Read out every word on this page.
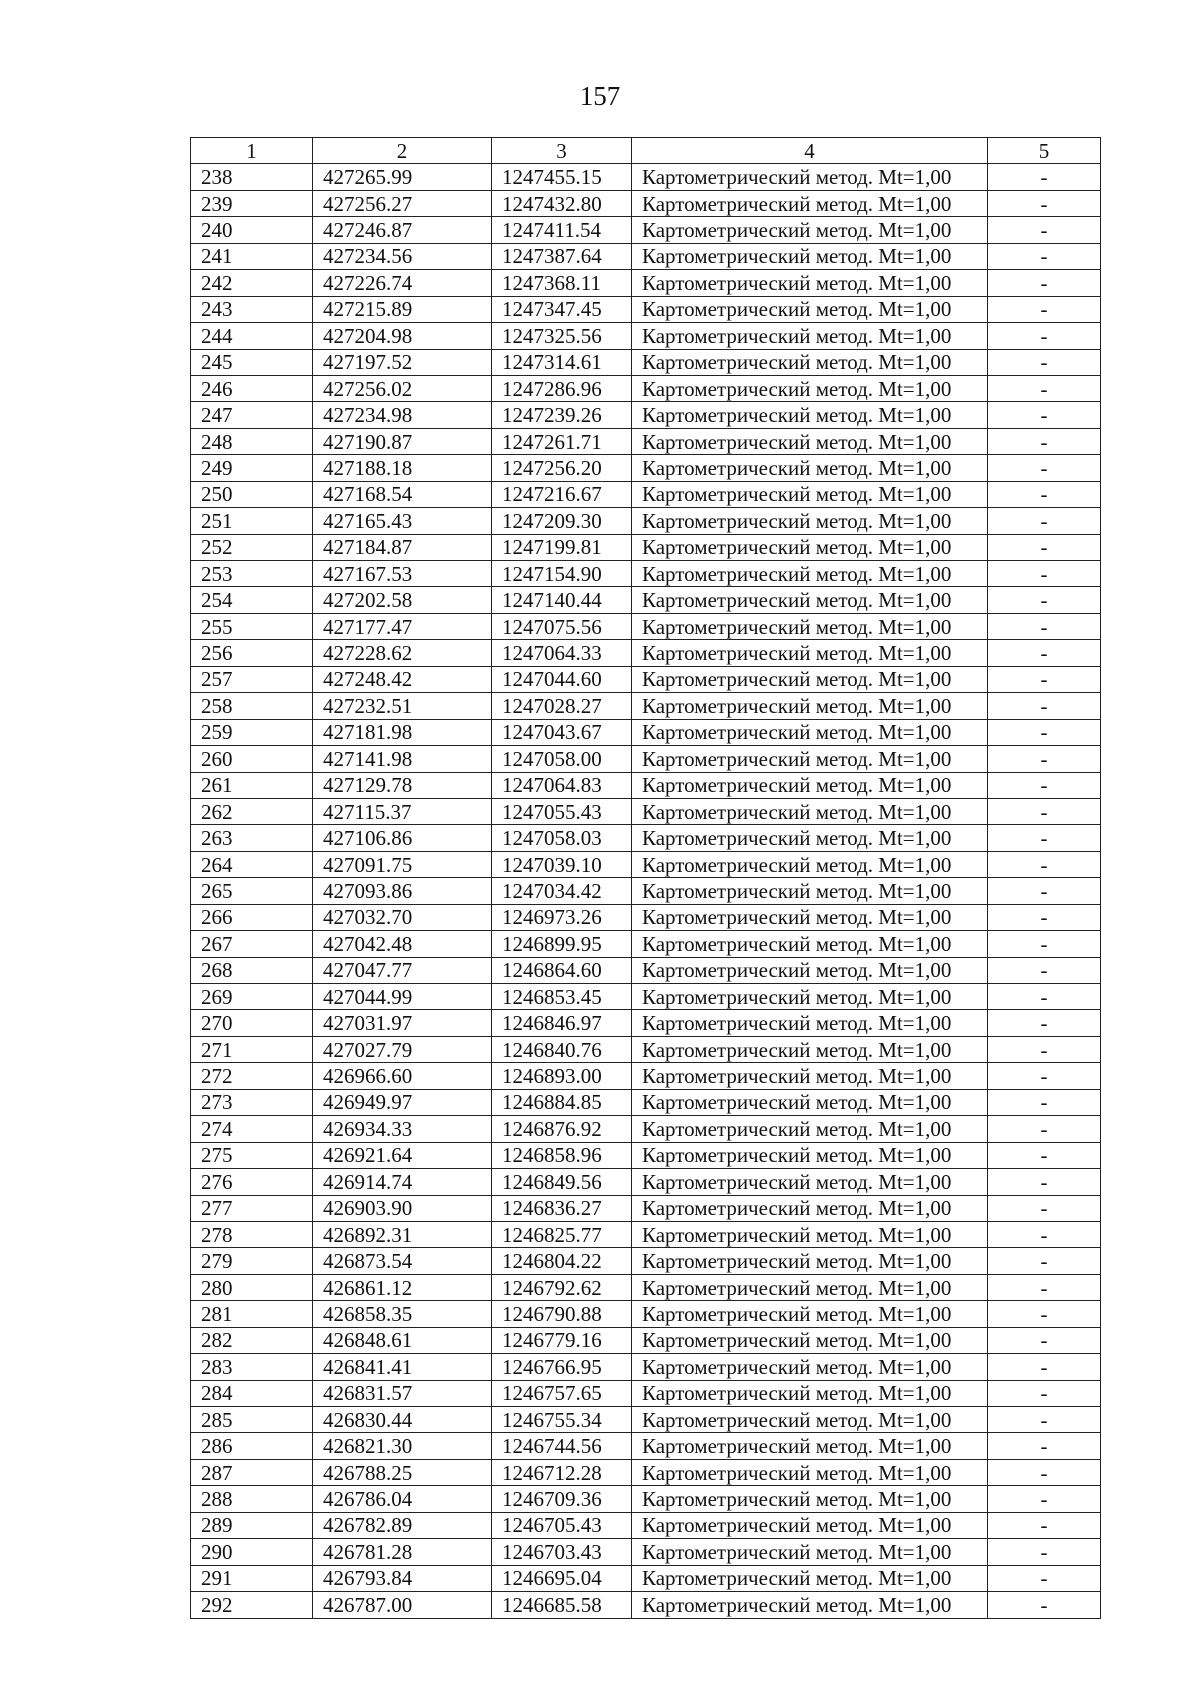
157
1	2	3	4	5
238	427265.99	1247455.15	Картометрический метод. Mt=1,00	-
239	427256.27	1247432.80	Картометрический метод. Mt=1,00	-
240	427246.87	1247411.54	Картометрический метод. Mt=1,00	-
241	427234.56	1247387.64	Картометрический метод. Mt=1,00	-
242	427226.74	1247368.11	Картометрический метод. Mt=1,00	-
243	427215.89	1247347.45	Картометрический метод. Mt=1,00	-
244	427204.98	1247325.56	Картометрический метод. Mt=1,00	-
245	427197.52	1247314.61	Картометрический метод. Mt=1,00	-
246	427256.02	1247286.96	Картометрический метод. Mt=1,00	-
247	427234.98	1247239.26	Картометрический метод. Mt=1,00	-
248	427190.87	1247261.71	Картометрический метод. Mt=1,00	-
249	427188.18	1247256.20	Картометрический метод. Mt=1,00	-
250	427168.54	1247216.67	Картометрический метод. Mt=1,00	-
251	427165.43	1247209.30	Картометрический метод. Mt=1,00	-
252	427184.87	1247199.81	Картометрический метод. Mt=1,00	-
253	427167.53	1247154.90	Картометрический метод. Mt=1,00	-
254	427202.58	1247140.44	Картометрический метод. Mt=1,00	-
255	427177.47	1247075.56	Картометрический метод. Mt=1,00	-
256	427228.62	1247064.33	Картометрический метод. Mt=1,00	-
257	427248.42	1247044.60	Картометрический метод. Mt=1,00	-
258	427232.51	1247028.27	Картометрический метод. Mt=1,00	-
259	427181.98	1247043.67	Картометрический метод. Mt=1,00	-
260	427141.98	1247058.00	Картометрический метод. Mt=1,00	-
261	427129.78	1247064.83	Картометрический метод. Mt=1,00	-
262	427115.37	1247055.43	Картометрический метод. Mt=1,00	-
263	427106.86	1247058.03	Картометрический метод. Mt=1,00	-
264	427091.75	1247039.10	Картометрический метод. Mt=1,00	-
265	427093.86	1247034.42	Картометрический метод. Mt=1,00	-
266	427032.70	1246973.26	Картометрический метод. Mt=1,00	-
267	427042.48	1246899.95	Картометрический метод. Mt=1,00	-
268	427047.77	1246864.60	Картометрический метод. Mt=1,00	-
269	427044.99	1246853.45	Картометрический метод. Mt=1,00	-
270	427031.97	1246846.97	Картометрический метод. Mt=1,00	-
271	427027.79	1246840.76	Картометрический метод. Mt=1,00	-
272	426966.60	1246893.00	Картометрический метод. Mt=1,00	-
273	426949.97	1246884.85	Картометрический метод. Mt=1,00	-
274	426934.33	1246876.92	Картометрический метод. Mt=1,00	-
275	426921.64	1246858.96	Картометрический метод. Mt=1,00	-
276	426914.74	1246849.56	Картометрический метод. Mt=1,00	-
277	426903.90	1246836.27	Картометрический метод. Mt=1,00	-
278	426892.31	1246825.77	Картометрический метод. Mt=1,00	-
279	426873.54	1246804.22	Картометрический метод. Mt=1,00	-
280	426861.12	1246792.62	Картометрический метод. Mt=1,00	-
281	426858.35	1246790.88	Картометрический метод. Mt=1,00	-
282	426848.61	1246779.16	Картометрический метод. Mt=1,00	-
283	426841.41	1246766.95	Картометрический метод. Mt=1,00	-
284	426831.57	1246757.65	Картометрический метод. Mt=1,00	-
285	426830.44	1246755.34	Картометрический метод. Mt=1,00	-
286	426821.30	1246744.56	Картометрический метод. Mt=1,00	-
287	426788.25	1246712.28	Картометрический метод. Mt=1,00	-
288	426786.04	1246709.36	Картометрический метод. Mt=1,00	-
289	426782.89	1246705.43	Картометрический метод. Mt=1,00	-
290	426781.28	1246703.43	Картометрический метод. Mt=1,00	-
291	426793.84	1246695.04	Картометрический метод. Mt=1,00	-
292	426787.00	1246685.58	Картометрический метод. Mt=1,00	-
